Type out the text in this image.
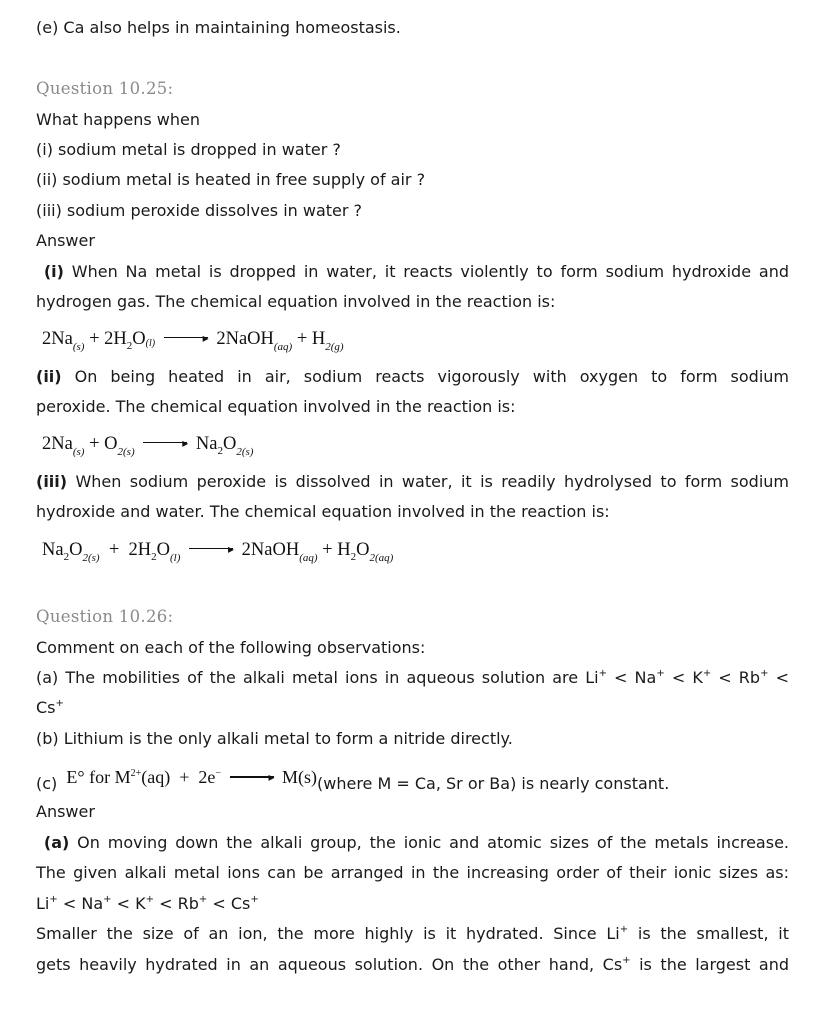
(e) Ca also helps in maintaining homeostasis.
Question 10.25:
What happens when
(i) sodium metal is dropped in water ?
(ii) sodium metal is heated in free supply of air ?
(iii) sodium peroxide dissolves in water ?
Answer
(i) When Na metal is dropped in water, it reacts violently to form sodium hydroxide and
hydrogen gas. The chemical equation involved in the reaction is:
$2Na_{(s)} + 2H_2O_{(l)}$	▸ 2NaOH$_{(aq)}$ + $H_{2(g)}$
(ii) On being heated in air, sodium reacts vigorously with oxygen to form sodium
peroxide. The chemical equation involved in the reaction is:
$2Na_{(s)} + O_{2(s)}$
▸ $Na_2O_{2(s)}$
(iii) When sodium peroxide is dissolved in water, it is readily hydrolysed to form sodium
hydroxide and water. The chemical equation involved in the reaction is:
$Na_2O_{2(s)} + 2H_2O_{(l)}$
▸ 2NaOH$_{(aq)}$ + $H_2O_{2(aq)}$
Question 10.26:
Comment on each of the following observations:
(a) The mobilities of the alkali metal ions in aqueous solution are Li+ < Na+ < K+ < Rb+ <
Cs+
(b) Lithium is the only alkali metal to form a nitride directly.
(c) E° for $M^{2+}(aq) + 2e^-$	▸ M(s)(where M = Ca, Sr or Ba) is nearly constant.
Answer
(a) On moving down the alkali group, the ionic and atomic sizes of the metals increase.
The given alkali metal ions can be arranged in the increasing order of their ionic sizes as:
Li+ < Na+ < K+ < Rb+ < Cs+
Smaller the size of an ion, the more highly is it hydrated. Since Li+ is the smallest, it
gets heavily hydrated in an aqueous solution. On the other hand, Cs+ is the largest and
